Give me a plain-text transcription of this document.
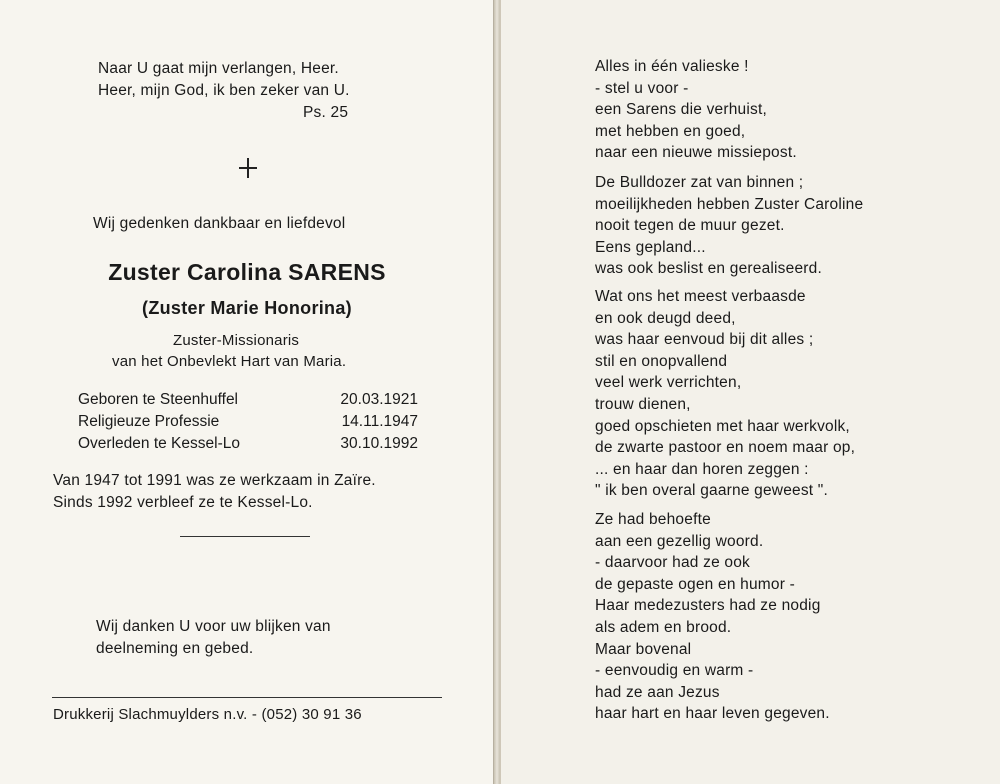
Naar U gaat mijn verlangen, Heer.
Heer, mijn God, ik ben zeker van U.
Ps. 25
Wij gedenken dankbaar en liefdevol
Zuster Carolina SARENS
(Zuster Marie Honorina)
Zuster-Missionaris
van het Onbevlekt Hart van Maria.
Geboren te Steenhuffel	20.03.1921
Religieuze Professie	14.11.1947
Overleden te Kessel-Lo	30.10.1992
Van 1947 tot 1991 was ze werkzaam in Zaïre.
Sinds 1992 verbleef ze te Kessel-Lo.
Wij danken U voor uw blijken van
deelneming en gebed.
Drukkerij Slachmuylders n.v. - (052) 30 91 36
Alles in één valieske !
- stel u voor -
een Sarens die verhuist,
met hebben en goed,
naar een nieuwe missiepost.
De Bulldozer zat van binnen ;
moeilijkheden hebben Zuster Caroline
nooit tegen de muur gezet.
Eens gepland...
was ook beslist en gerealiseerd.
Wat ons het meest verbaasde
en ook deugd deed,
was haar eenvoud bij dit alles ;
stil en onopvallend
veel werk verrichten,
trouw dienen,
goed opschieten met haar werkvolk,
de zwarte pastoor en noem maar op,
... en haar dan horen zeggen :
" ik ben overal gaarne geweest ".
Ze had behoefte
aan een gezellig woord.
- daarvoor had ze ook
de gepaste ogen en humor -
Haar medezusters had ze nodig
als adem en brood.
Maar bovenal
- eenvoudig en warm -
had ze aan Jezus
haar hart en haar leven gegeven.
